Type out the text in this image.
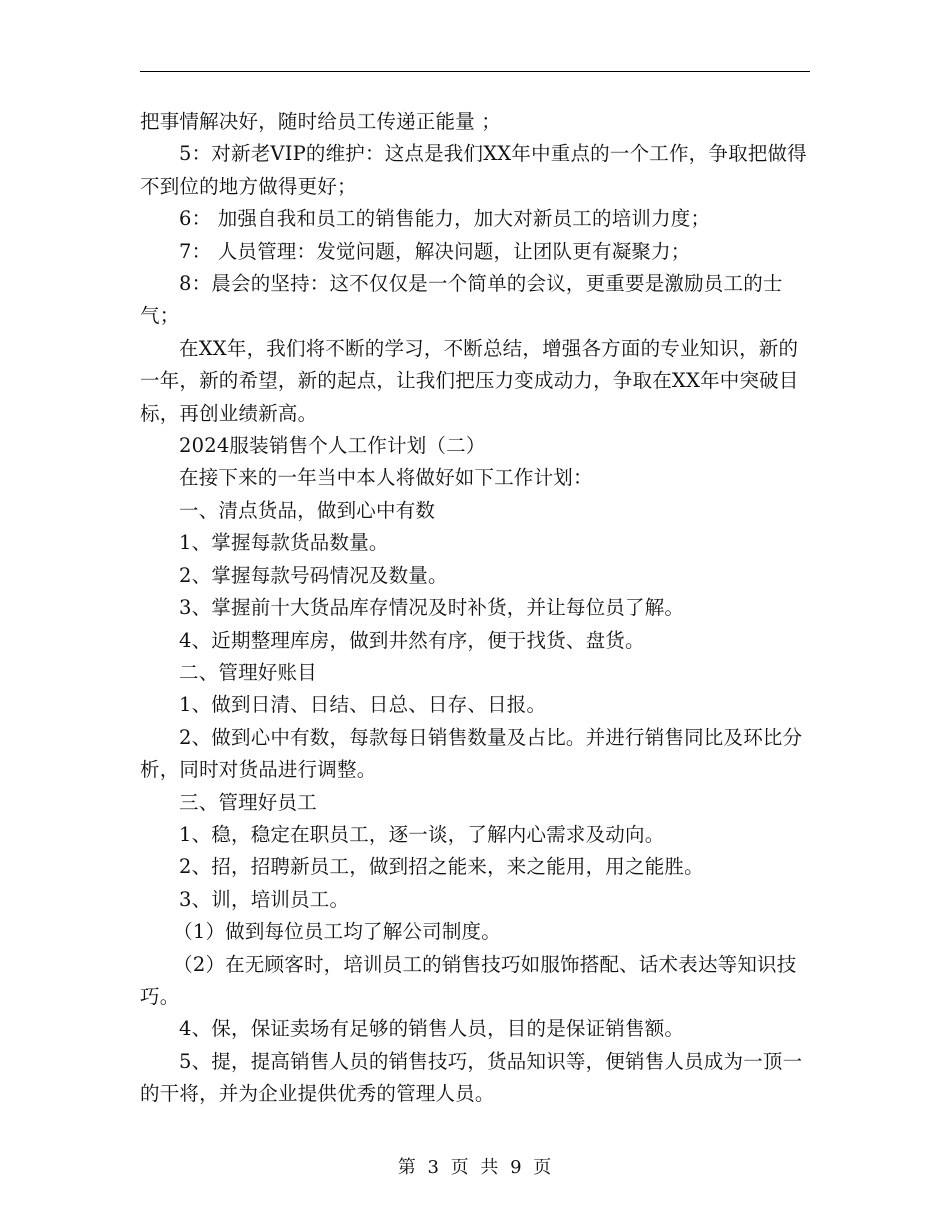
把事情解决好，随时给员工传递正能量 ；

5：对新老VIP的维护：这点是我们XX年中重点的一个工作，争取把做得不到位的地方做得更好；

6： 加强自我和员工的销售能力，加大对新员工的培训力度；

7： 人员管理：发觉问题，解决问题，让团队更有凝聚力；

8：晨会的坚持：这不仅仅是一个简单的会议，更重要是激励员工的士气；

在XX年，我们将不断的学习，不断总结，增强各方面的专业知识，新的一年，新的希望，新的起点，让我们把压力变成动力，争取在XX年中突破目标，再创业绩新高。

2024服装销售个人工作计划（二）

在接下来的一年当中本人将做好如下工作计划：

一、清点货品，做到心中有数

1、掌握每款货品数量。

2、掌握每款号码情况及数量。

3、掌握前十大货品库存情况及时补货，并让每位员了解。

4、近期整理库房，做到井然有序，便于找货、盘货。

二、管理好账目

1、做到日清、日结、日总、日存、日报。

2、做到心中有数，每款每日销售数量及占比。并进行销售同比及环比分析，同时对货品进行调整。

三、管理好员工

1、稳，稳定在职员工，逐一谈，了解内心需求及动向。

2、招，招聘新员工，做到招之能来，来之能用，用之能胜。

3、训，培训员工。

（1）做到每位员工均了解公司制度。

（2）在无顾客时，培训员工的销售技巧如服饰搭配、话术表达等知识技巧。

4、保，保证卖场有足够的销售人员，目的是保证销售额。

5、提，提高销售人员的销售技巧，货品知识等，便销售人员成为一顶一的干将，并为企业提供优秀的管理人员。

第 3 页 共 9 页
